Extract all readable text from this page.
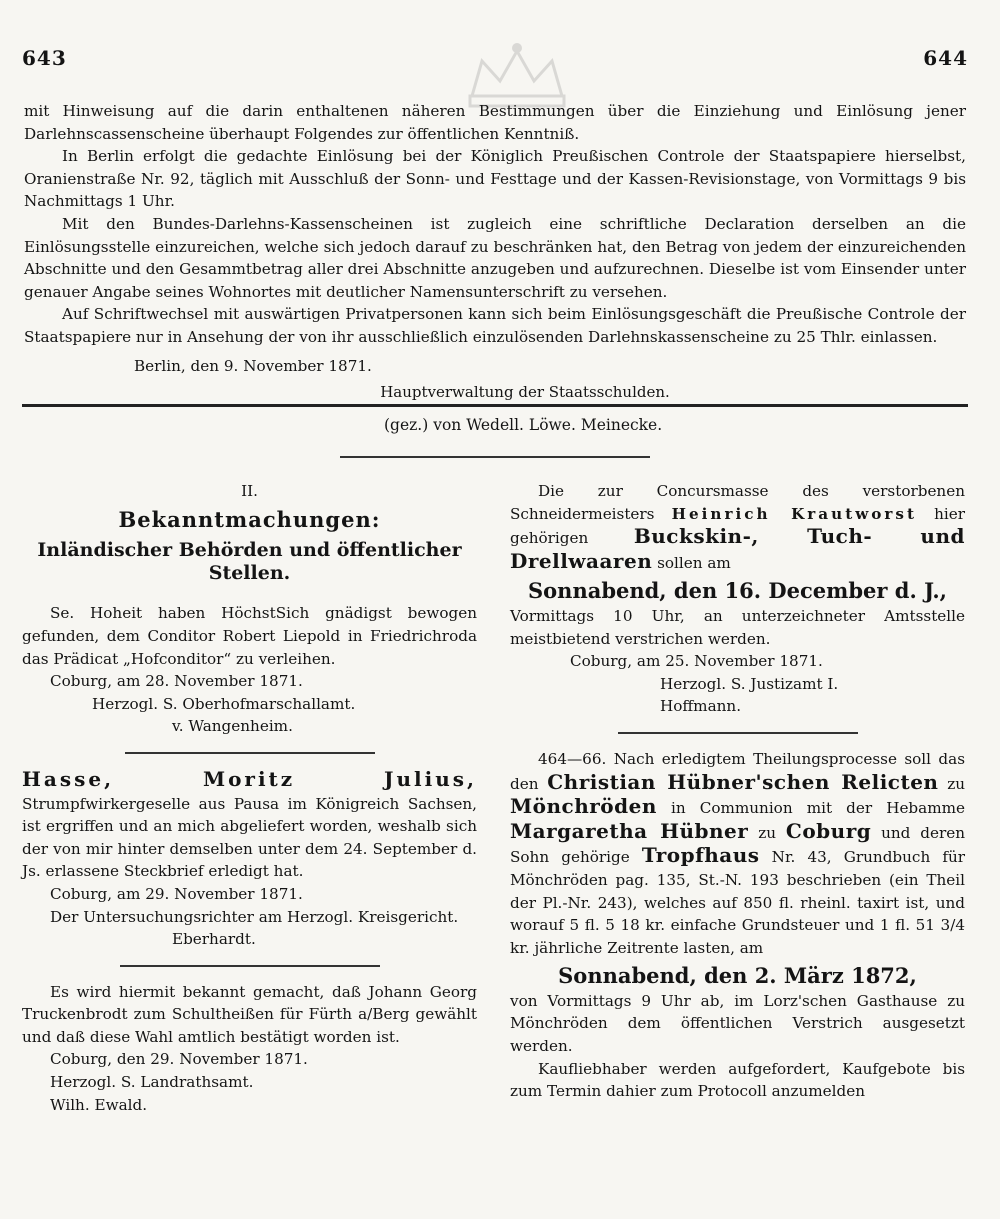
643	644

mit Hinweisung auf die darin enthaltenen näheren Bestimmungen über die Einziehung und Einlösung jener Darlehnscassenscheine überhaupt Folgendes zur öffentlichen Kenntniß.

In Berlin erfolgt die gedachte Einlösung bei der Königlich Preußischen Controle der Staatspapiere hierselbst, Oranienstraße Nr. 92, täglich mit Ausschluß der Sonn- und Festtage und der Kassen-Revisionstage, von Vormittags 9 bis Nachmittags 1 Uhr.

Mit den Bundes-Darlehns-Kassenscheinen ist zugleich eine schriftliche Declaration derselben an die Einlösungsstelle einzureichen, welche sich jedoch darauf zu beschränken hat, den Betrag von jedem der einzureichenden Abschnitte und den Gesammtbetrag aller drei Abschnitte anzugeben und aufzurechnen. Dieselbe ist vom Einsender unter genauer Angabe seines Wohnortes mit deutlicher Namensunterschrift zu versehen.

Auf Schriftwechsel mit auswärtigen Privatpersonen kann sich beim Einlösungsgeschäft die Preußische Controle der Staatspapiere nur in Ansehung der von ihr ausschließlich einzulösenden Darlehnskassenscheine zu 25 Thlr. einlassen.

Berlin, den 9. November 1871.

Hauptverwaltung der Staatsschulden.

(gez.) von Wedell. Löwe. Meinecke.

II.

Bekanntmachungen:

Inländischer Behörden und öffentlicher Stellen.

Se. Hoheit haben HöchstSich gnädigst bewogen gefunden, dem Conditor Robert Liepold in Friedrichroda das Prädicat „Hofconditor“ zu verleihen.

Coburg, am 28. November 1871.

Herzogl. S. Oberhofmarschallamt.

v. Wangenheim.

Hasse, Moritz Julius, Strumpfwirkergeselle aus Pausa im Königreich Sachsen, ist ergriffen und an mich abgeliefert worden, weshalb sich der von mir hinter demselben unter dem 24. September d. Js. erlassene Steckbrief erledigt hat.

Coburg, am 29. November 1871.

Der Untersuchungsrichter am Herzogl. Kreisgericht.

Eberhardt.

Es wird hiermit bekannt gemacht, daß Johann Georg Truckenbrodt zum Schultheißen für Fürth a/Berg gewählt und daß diese Wahl amtlich bestätigt worden ist.

Coburg, den 29. November 1871.

Herzogl. S. Landrathsamt.

Wilh. Ewald.

Die zur Concursmasse des verstorbenen Schneidermeisters Heinrich Krautworst hier gehörigen Buckskin-, Tuch- und Drellwaaren sollen am

Sonnabend, den 16. December d. J.,

Vormittags 10 Uhr, an unterzeichneter Amtsstelle meistbietend verstrichen werden.

Coburg, am 25. November 1871.

Herzogl. S. Justizamt I.

Hoffmann.

464—66. Nach erledigtem Theilungsprocesse soll das den Christian Hübner'schen Relicten zu Mönchröden in Communion mit der Hebamme Margaretha Hübner zu Coburg und deren Sohn gehörige Tropfhaus Nr. 43, Grundbuch für Mönchröden pag. 135, St.-N. 193 beschrieben (ein Theil der Pl.-Nr. 243), welches auf 850 fl. rheinl. taxirt ist, und worauf 5 fl. 5 18 kr. einfache Grundsteuer und 1 fl. 51 3/4 kr. jährliche Zeitrente lasten, am

Sonnabend, den 2. März 1872,

von Vormittags 9 Uhr ab, im Lorz'schen Gasthause zu Mönchröden dem öffentlichen Verstrich ausgesetzt werden.

Kaufliebhaber werden aufgefordert, Kaufgebote bis zum Termin dahier zum Protocoll anzumelden
